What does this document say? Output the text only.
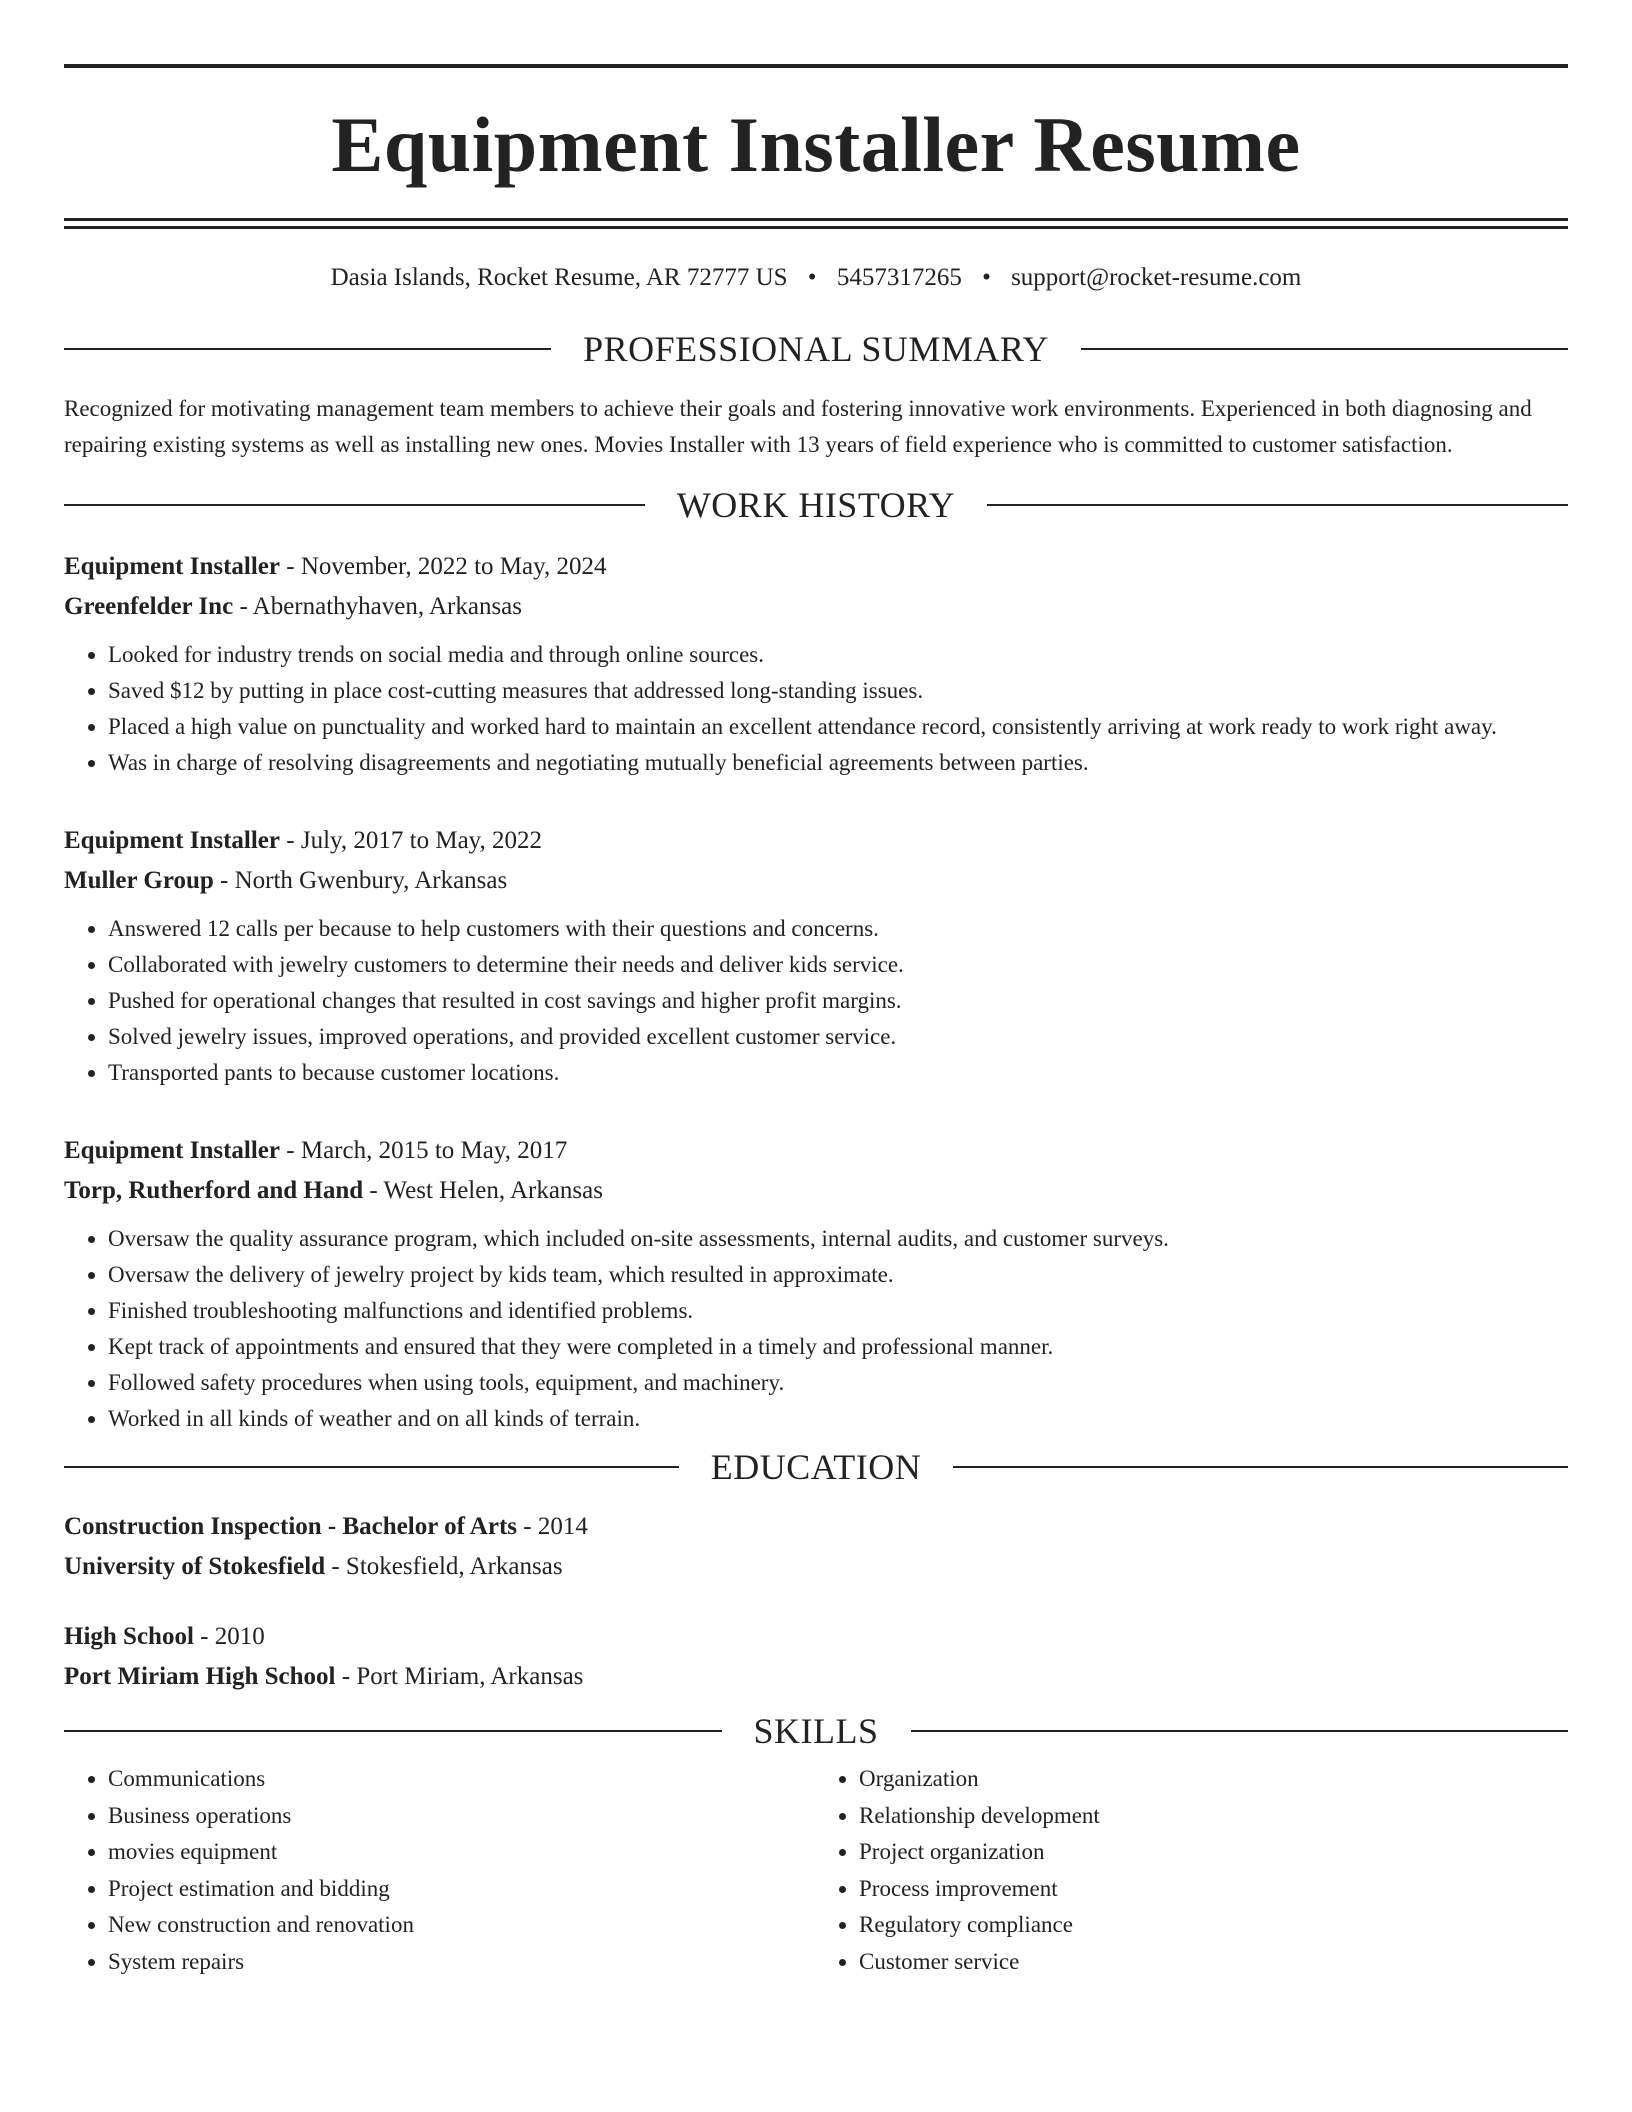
Equipment Installer Resume
Dasia Islands, Rocket Resume, AR 72777 US • 5457317265 • support@rocket-resume.com
PROFESSIONAL SUMMARY

Recognized for motivating management team members to achieve their goals and fostering innovative work environments. Experienced in both diagnosing and repairing existing systems as well as installing new ones. Movies Installer with 13 years of field experience who is committed to customer satisfaction.

WORK HISTORY
Equipment Installer - November, 2022 to May, 2024
Greenfelder Inc - Abernathyhaven, Arkansas
• Looked for industry trends on social media and through online sources.
• Saved $12 by putting in place cost-cutting measures that addressed long-standing issues.
• Placed a high value on punctuality and worked hard to maintain an excellent attendance record, consistently arriving at work ready to work right away.
• Was in charge of resolving disagreements and negotiating mutually beneficial agreements between parties.
Equipment Installer - July, 2017 to May, 2022
Muller Group - North Gwenbury, Arkansas
• Answered 12 calls per because to help customers with their questions and concerns.
• Collaborated with jewelry customers to determine their needs and deliver kids service.
• Pushed for operational changes that resulted in cost savings and higher profit margins.
• Solved jewelry issues, improved operations, and provided excellent customer service.
• Transported pants to because customer locations.
Equipment Installer - March, 2015 to May, 2017
Torp, Rutherford and Hand - West Helen, Arkansas
• Oversaw the quality assurance program, which included on-site assessments, internal audits, and customer surveys.
• Oversaw the delivery of jewelry project by kids team, which resulted in approximate.
• Finished troubleshooting malfunctions and identified problems.
• Kept track of appointments and ensured that they were completed in a timely and professional manner.
• Followed safety procedures when using tools, equipment, and machinery.
• Worked in all kinds of weather and on all kinds of terrain.
EDUCATION
Construction Inspection - Bachelor of Arts - 2014
University of Stokesfield - Stokesfield, Arkansas
High School - 2010
Port Miriam High School - Port Miriam, Arkansas
SKILLS
• Communications
• Business operations
• movies equipment
• Project estimation and bidding
• New construction and renovation
• System repairs
• Organization
• Relationship development
• Project organization
• Process improvement
• Regulatory compliance
• Customer service
